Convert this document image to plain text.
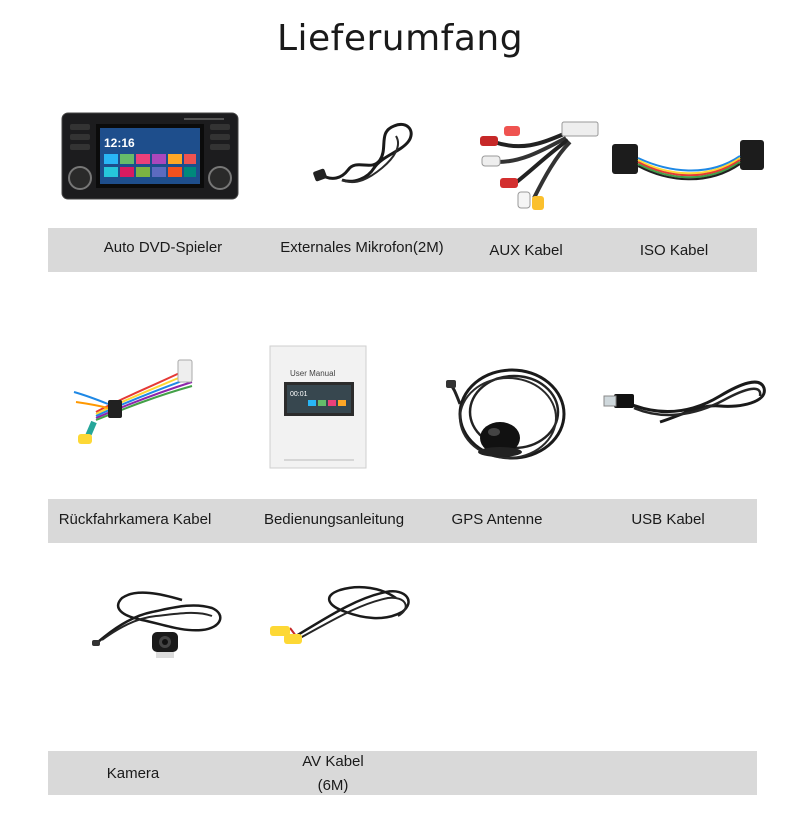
Lieferumfang
12:16
Auto DVD-Spieler	Externales Mikrofon(2M)	AUX Kabel	ISO Kabel
User Manual
00:01
Rückfahrkamera Kabel	Bedienungsanleitung	GPS Antenne	USB Kabel
Kamera
AV Kabel
(6M)
